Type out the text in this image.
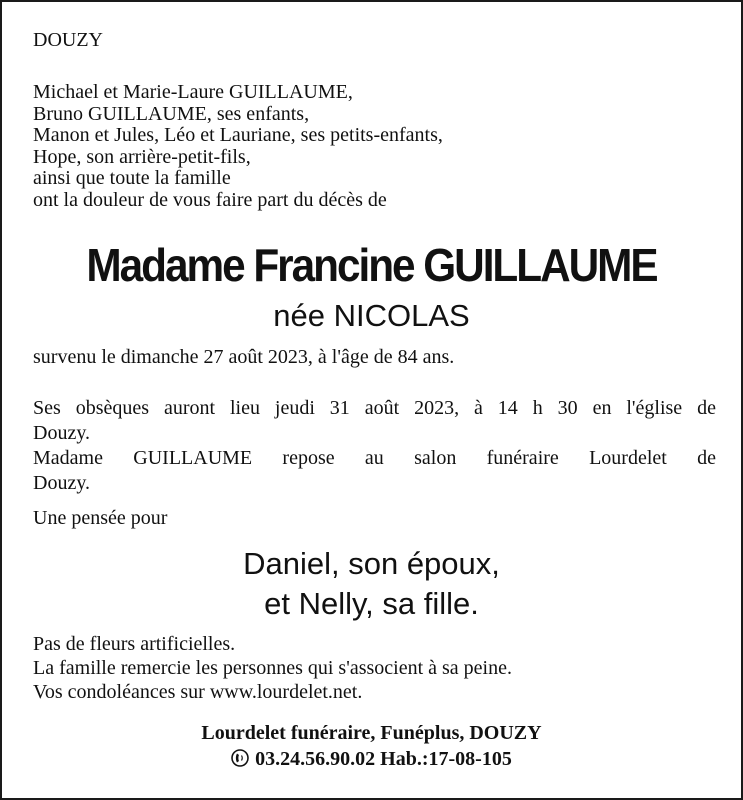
DOUZY
Michael et Marie-Laure GUILLAUME,
Bruno GUILLAUME, ses enfants,
Manon et Jules, Léo et Lauriane, ses petits-enfants,
Hope, son arrière-petit-fils,
ainsi que toute la famille
ont la douleur de vous faire part du décès de
Madame Francine GUILLAUME
née NICOLAS
survenu le dimanche 27 août 2023, à l'âge de 84 ans.
Ses obsèques auront lieu jeudi 31 août 2023, à 14 h 30 en l'église de
Douzy.
Madame GUILLAUME repose au salon funéraire Lourdelet de
Douzy.
Une pensée pour
Daniel, son époux,
et Nelly, sa fille.
Pas de fleurs artificielles.
La famille remercie les personnes qui s'associent à sa peine.
Vos condoléances sur www.lourdelet.net.
Lourdelet funéraire, Funéplus, DOUZY
03.24.56.90.02 Hab.:17-08-105
